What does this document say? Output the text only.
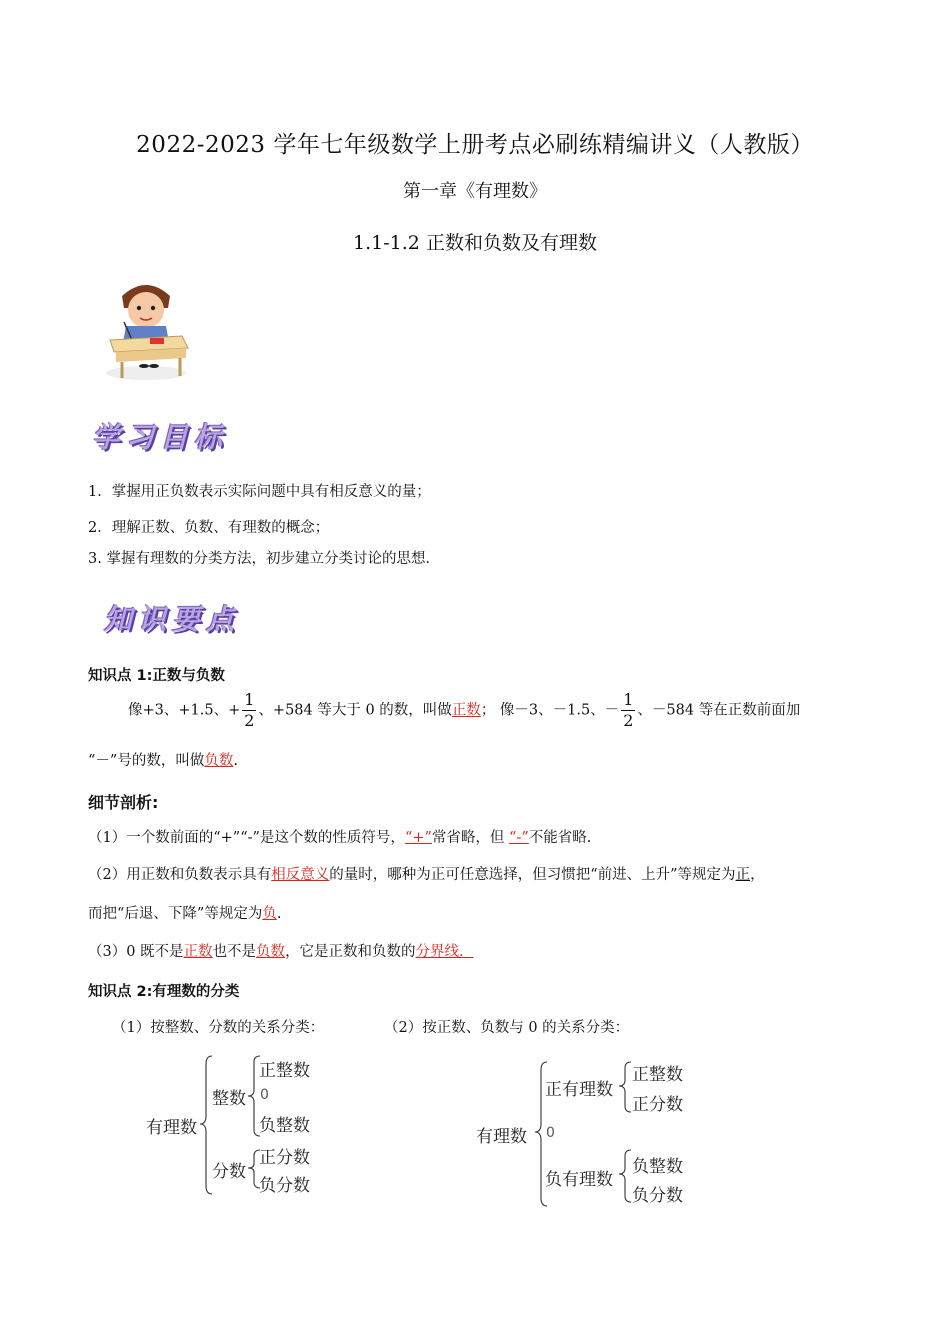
2022-2023 学年七年级数学上册考点必刷练精编讲义（人教版）
第一章《有理数》
1.1-1.2 正数和负数及有理数
学习目标
1．掌握用正负数表示实际问题中具有相反意义的量；
2．理解正数、负数、有理数的概念；
3. 掌握有理数的分类方法，初步建立分类讨论的思想．
知识要点
知识点 1:正数与负数
像+3、+1.5、+ $\frac{1}{2}$ 、+584 等大于 0 的数，叫做正数； 像－3、－1.5、－ $\frac{1}{2}$ 、－584 等在正数前面加
“－”号的数，叫做负数.
细节剖析:
（1）一个数前面的“+”“-”是这个数的性质符号，“+”常省略，但 “-”不能省略.
（2）用正数和负数表示具有相反意义的量时，哪种为正可任意选择，但习惯把“前进、上升”等规定为正，
而把“后退、下降”等规定为负.
（3）0 既不是正数也不是负数，它是正数和负数的分界线．
知识点 2:有理数的分类
（1）按整数、分数的关系分类：	（2）按正数、负数与 0 的关系分类：
有理数
整数
正整数
0
负整数
分数
正分数
负分数
有理数
正有理数
正整数
正分数
0
负有理数
负整数
负分数
